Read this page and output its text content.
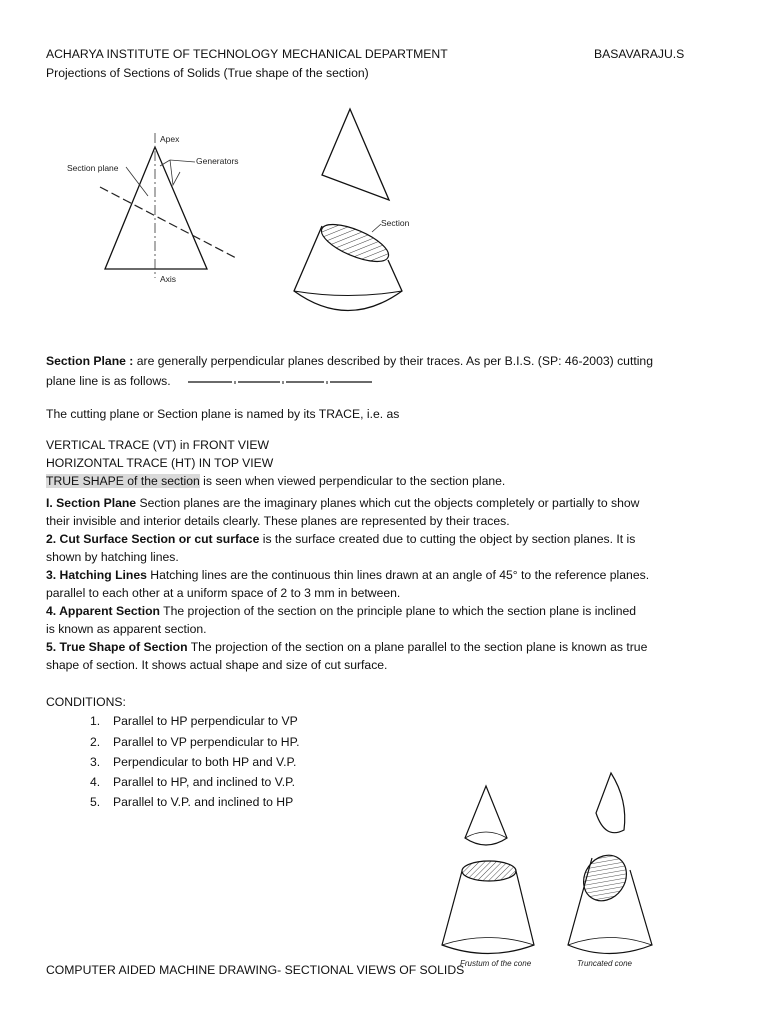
ACHARYA INSTITUTE OF TECHNOLOGY MECHANICAL DEPARTMENT	BASAVARAJU.S
Projections of Sections of Solids (True shape of the section)
Apex
Generators
Section plane
Axis
Section
Section Plane : are generally perpendicular planes described by their traces. As per B.I.S. (SP: 46-2003) cutting
plane line is as follows.
The cutting plane or Section plane is named by its TRACE, i.e. as
VERTICAL TRACE (VT) in FRONT VIEW
HORIZONTAL TRACE (HT) IN TOP VIEW
TRUE SHAPE of the section is seen when viewed perpendicular to the section plane.
I. Section Plane Section planes are the imaginary planes which cut the objects completely or partially to show
their invisible and interior details clearly. These planes are represented by their traces.
2. Cut Surface Section or cut surface is the surface created due to cutting the object by section planes. It is
shown by hatching lines.
3. Hatching Lines Hatching lines are the continuous thin lines drawn at an angle of 45° to the reference planes.
parallel to each other at a uniform space of 2 to 3 mm in between.
4. Apparent Section The projection of the section on the principle plane to which the section plane is inclined
is known as apparent section.
5. True Shape of Section The projection of the section on a plane parallel to the section plane is known as true
shape of section. It shows actual shape and size of cut surface.
CONDITIONS:
1. Parallel to HP perpendicular to VP
2. Parallel to VP perpendicular to HP.
3. Perpendicular to both HP and V.P.
4. Parallel to HP, and inclined to V.P.
5. Parallel to V.P. and inclined to HP
Frustum of the cone	Truncated cone
COMPUTER AIDED MACHINE DRAWING- SECTIONAL VIEWS OF SOLIDS
